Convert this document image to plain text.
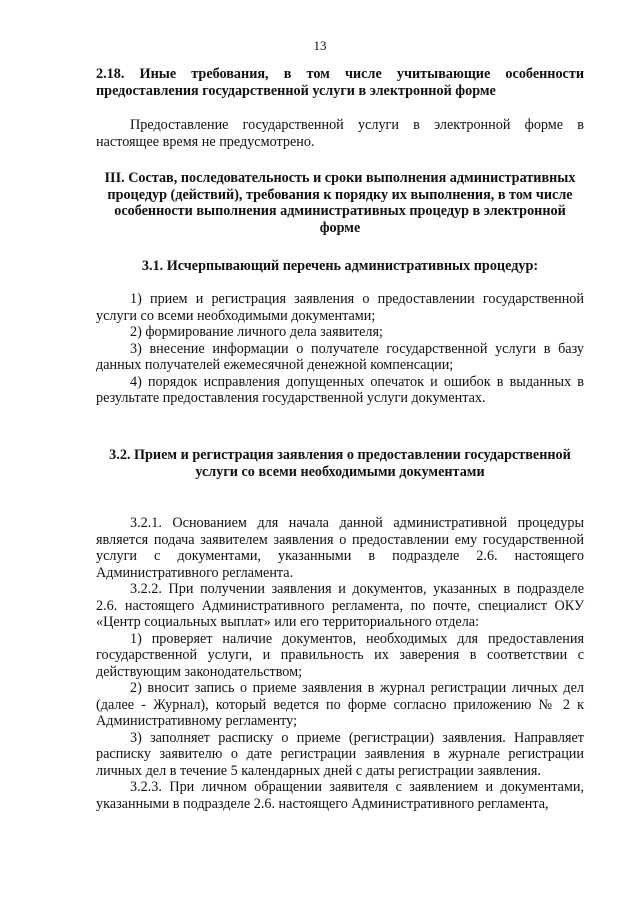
13
2.18. Иные требования, в том числе учитывающие особенности предоставления государственной услуги в электронной форме
Предоставление государственной услуги в электронной форме в настоящее время не предусмотрено.
III. Состав, последовательность и сроки выполнения административных процедур (действий), требования к порядку их выполнения, в том числе особенности выполнения административных процедур в электронной форме
3.1. Исчерпывающий перечень административных процедур:

1) прием и регистрация заявления о предоставлении государственной услуги со всеми необходимыми документами;

2) формирование личного дела заявителя;

3) внесение информации о получателе государственной услуги в базу данных получателей ежемесячной денежной компенсации;

4) порядок исправления допущенных опечаток и ошибок в выданных в результате предоставления государственной услуги документах.

3.2. Прием и регистрация заявления о предоставлении государственной услуги со всеми необходимыми документами

3.2.1. Основанием для начала данной административной процедуры является подача заявителем заявления о предоставлении ему государственной услуги с документами, указанными в подразделе 2.6. настоящего Административного регламента.

3.2.2. При получении заявления и документов, указанных в подразделе 2.6. настоящего Административного регламента, по почте, специалист ОКУ «Центр социальных выплат» или его территориального отдела:

1) проверяет наличие документов, необходимых для предоставления государственной услуги, и правильность их заверения в соответствии с действующим законодательством;

2) вносит запись о приеме заявления в журнал регистрации личных дел (далее - Журнал), который ведется по форме согласно приложению № 2 к Административному регламенту;

3) заполняет расписку о приеме (регистрации) заявления. Направляет расписку заявителю о дате регистрации заявления в журнале регистрации личных дел в течение 5 календарных дней с даты регистрации заявления.

3.2.3. При личном обращении заявителя с заявлением и документами, указанными в подразделе 2.6. настоящего Административного регламента,
